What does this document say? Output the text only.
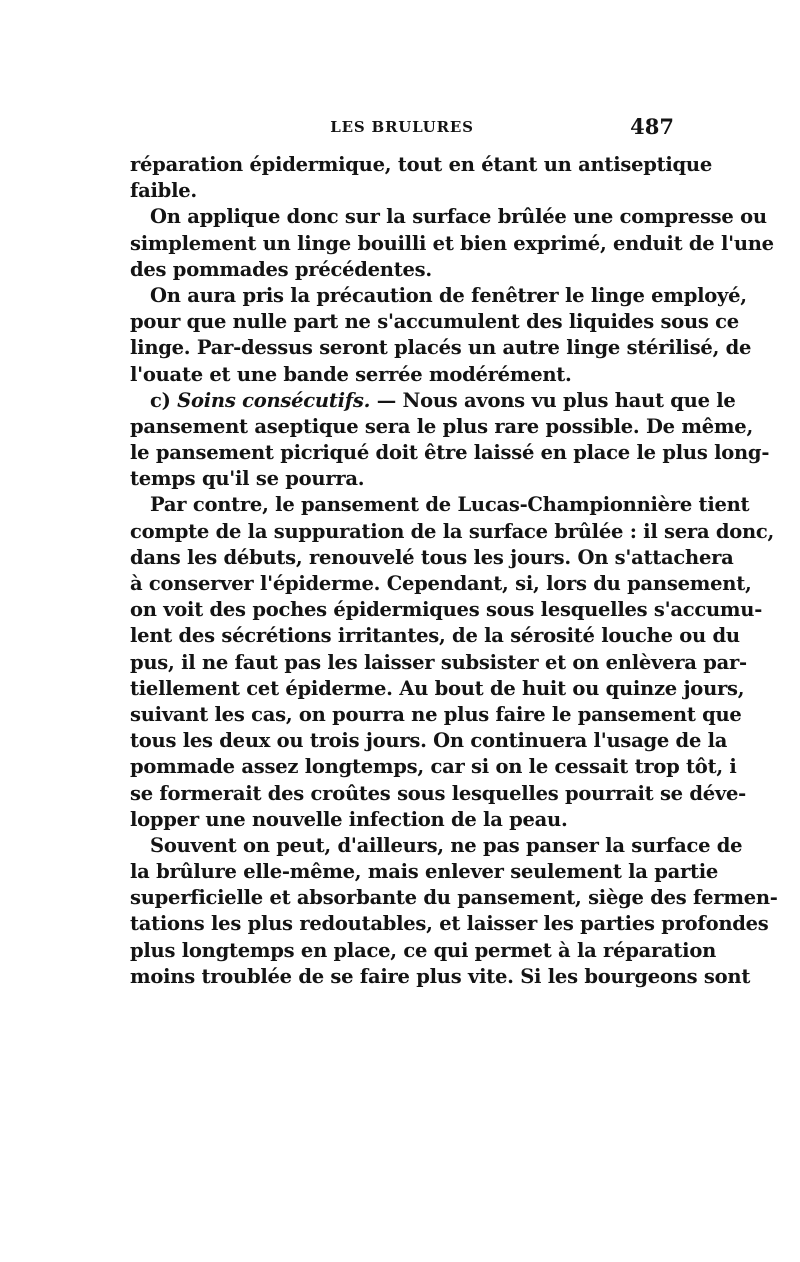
LES BRULURES	487
réparation épidermique, tout en étant un antiseptique
faible.
On applique donc sur la surface brûlée une compresse ou
simplement un linge bouilli et bien exprimé, enduit de l'une
des pommades précédentes.
On aura pris la précaution de fenêtrer le linge employé,
pour que nulle part ne s'accumulent des liquides sous ce
linge. Par-dessus seront placés un autre linge stérilisé, de
l'ouate et une bande serrée modérément.
c) Soins consécutifs. — Nous avons vu plus haut que le
pansement aseptique sera le plus rare possible. De même,
le pansement picriqué doit être laissé en place le plus long-
temps qu'il se pourra.
Par contre, le pansement de Lucas-Championnière tient
compte de la suppuration de la surface brûlée : il sera donc,
dans les débuts, renouvelé tous les jours. On s'attachera
à conserver l'épiderme. Cependant, si, lors du pansement,
on voit des poches épidermiques sous lesquelles s'accumu-
lent des sécrétions irritantes, de la sérosité louche ou du
pus, il ne faut pas les laisser subsister et on enlèvera par-
tiellement cet épiderme. Au bout de huit ou quinze jours,
suivant les cas, on pourra ne plus faire le pansement que
tous les deux ou trois jours. On continuera l'usage de la
pommade assez longtemps, car si on le cessait trop tôt, i
se formerait des croûtes sous lesquelles pourrait se déve-
lopper une nouvelle infection de la peau.
Souvent on peut, d'ailleurs, ne pas panser la surface de
la brûlure elle-même, mais enlever seulement la partie
superficielle et absorbante du pansement, siège des fermen-
tations les plus redoutables, et laisser les parties profondes
plus longtemps en place, ce qui permet à la réparation
moins troublée de se faire plus vite. Si les bourgeons sont
